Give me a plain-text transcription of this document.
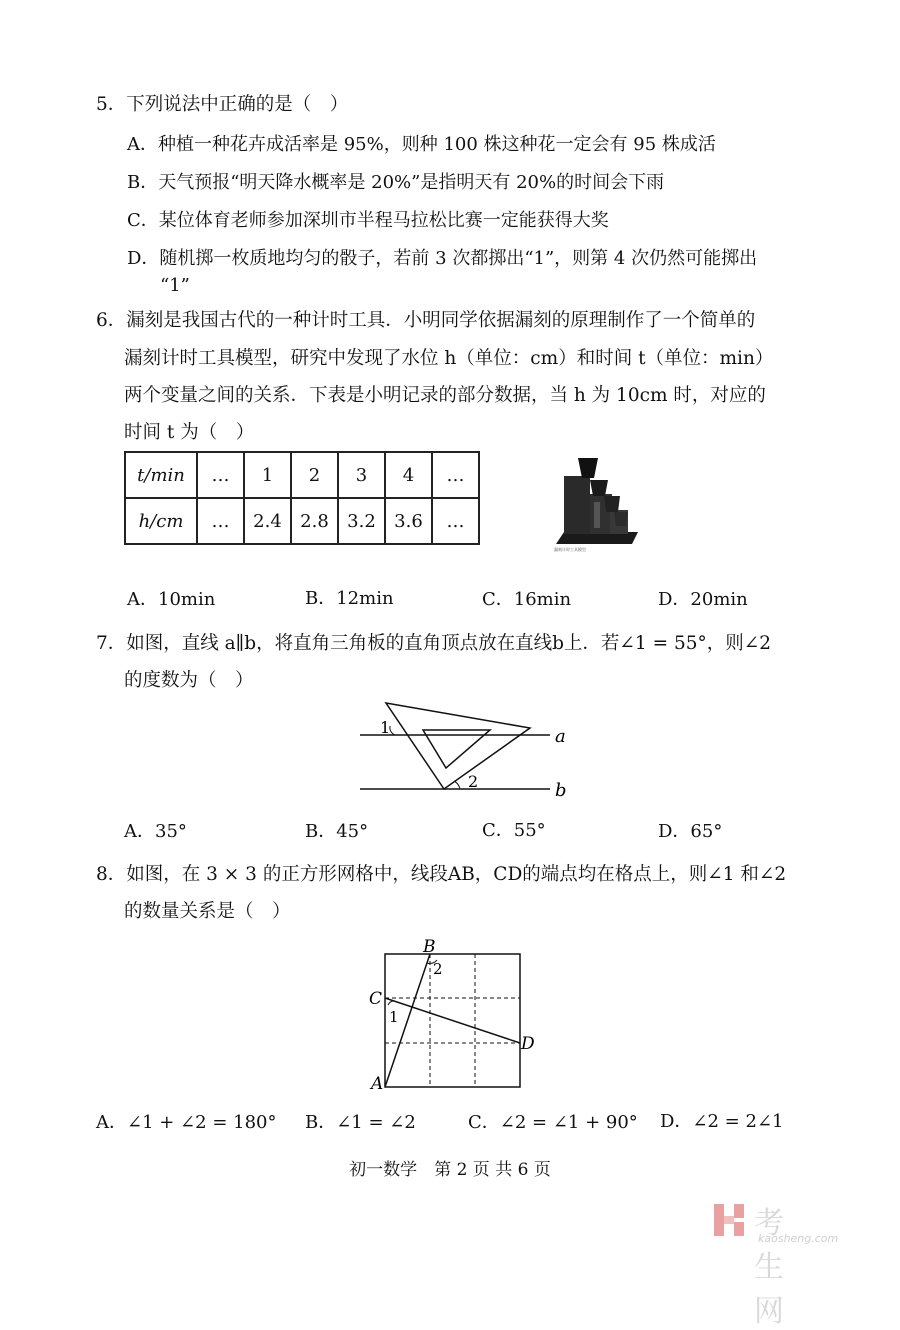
5．下列说法中正确的是（　）
A．种植一种花卉成活率是 95%，则种 100 株这种花一定会有 95 株成活
B．天气预报“明天降水概率是 20%”是指明天有 20%的时间会下雨
C．某位体育老师参加深圳市半程马拉松比赛一定能获得大奖
D．随机掷一枚质地均匀的骰子，若前 3 次都掷出“1”，则第 4 次仍然可能掷出
“1”
6．漏刻是我国古代的一种计时工具．小明同学依据漏刻的原理制作了一个简单的
漏刻计时工具模型，研究中发现了水位 h（单位：cm）和时间 t（单位：min）
两个变量之间的关系．下表是小明记录的部分数据，当 h 为 10cm 时，对应的
时间 t 为（　）
t/min	…	1	2	3	4	…
h/cm	…	2.4	2.8	3.2	3.6	…
漏刻计时工具模型
A．10min	B．12min	C．16min	D．20min
7．如图，直线 a∥b，将直角三角板的直角顶点放在直线b上．若∠1 = 55°，则∠2
的度数为（　）
1
2
a
b
A．35°	B．45°	C．55°	D．65°
8．如图，在 3 × 3 的正方形网格中，线段AB，CD的端点均在格点上，则∠1 和∠2
的数量关系是（　）
B
C
D
A
1
2
A．∠1 + ∠2 = 180° B．∠1 = ∠2	C．∠2 = ∠1 + 90° D．∠2 = 2∠1
初一数学　第 2 页 共 6 页
考生网
kaosheng.com
